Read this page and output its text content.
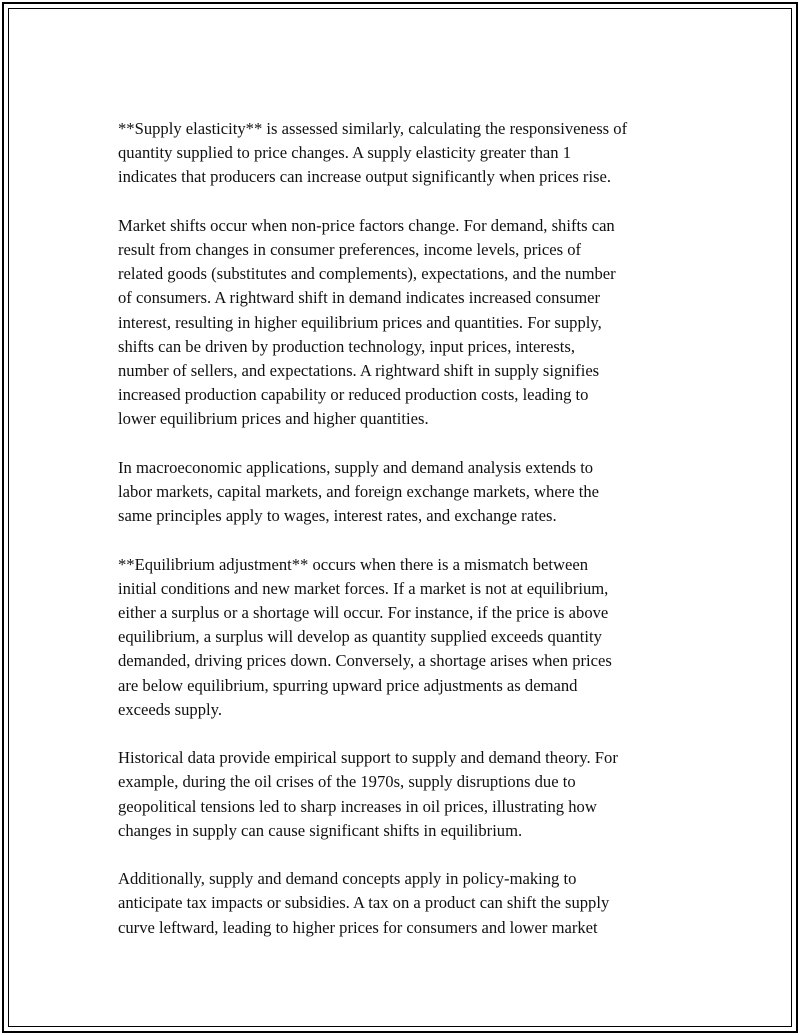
**Supply elasticity** is assessed similarly, calculating the responsiveness of
quantity supplied to price changes. A supply elasticity greater than 1
indicates that producers can increase output significantly when prices rise.

Market shifts occur when non-price factors change. For demand, shifts can
result from changes in consumer preferences, income levels, prices of
related goods (substitutes and complements), expectations, and the number
of consumers. A rightward shift in demand indicates increased consumer
interest, resulting in higher equilibrium prices and quantities. For supply,
shifts can be driven by production technology, input prices, interests,
number of sellers, and expectations. A rightward shift in supply signifies
increased production capability or reduced production costs, leading to
lower equilibrium prices and higher quantities.

In macroeconomic applications, supply and demand analysis extends to
labor markets, capital markets, and foreign exchange markets, where the
same principles apply to wages, interest rates, and exchange rates.

**Equilibrium adjustment** occurs when there is a mismatch between
initial conditions and new market forces. If a market is not at equilibrium,
either a surplus or a shortage will occur. For instance, if the price is above
equilibrium, a surplus will develop as quantity supplied exceeds quantity
demanded, driving prices down. Conversely, a shortage arises when prices
are below equilibrium, spurring upward price adjustments as demand
exceeds supply.

Historical data provide empirical support to supply and demand theory. For
example, during the oil crises of the 1970s, supply disruptions due to
geopolitical tensions led to sharp increases in oil prices, illustrating how
changes in supply can cause significant shifts in equilibrium.

Additionally, supply and demand concepts apply in policy-making to
anticipate tax impacts or subsidies. A tax on a product can shift the supply
curve leftward, leading to higher prices for consumers and lower market
